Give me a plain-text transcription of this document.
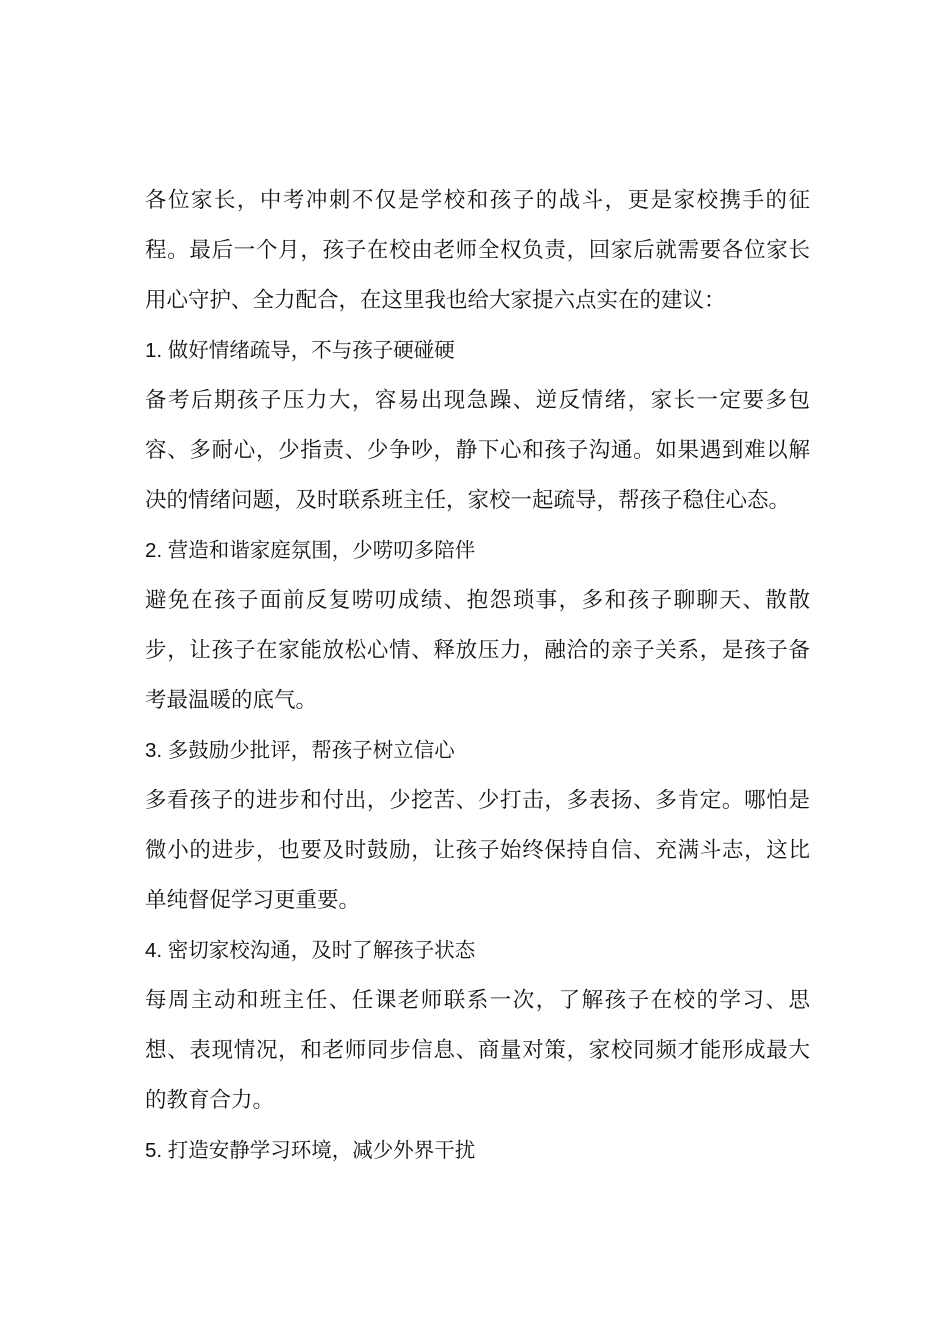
各位家长，中考冲刺不仅是学校和孩子的战斗，更是家校携手的征程。最后一个月，孩子在校由老师全权负责，回家后就需要各位家长用心守护、全力配合，在这里我也给大家提六点实在的建议：

1. 做好情绪疏导，不与孩子硬碰硬

备考后期孩子压力大，容易出现急躁、逆反情绪，家长一定要多包容、多耐心，少指责、少争吵，静下心和孩子沟通。如果遇到难以解决的情绪问题，及时联系班主任，家校一起疏导，帮孩子稳住心态。

2. 营造和谐家庭氛围，少唠叨多陪伴

避免在孩子面前反复唠叨成绩、抱怨琐事，多和孩子聊聊天、散散步，让孩子在家能放松心情、释放压力，融洽的亲子关系，是孩子备考最温暖的底气。

3. 多鼓励少批评，帮孩子树立信心

多看孩子的进步和付出，少挖苦、少打击，多表扬、多肯定。哪怕是微小的进步，也要及时鼓励，让孩子始终保持自信、充满斗志，这比单纯督促学习更重要。

4. 密切家校沟通，及时了解孩子状态

每周主动和班主任、任课老师联系一次，了解孩子在校的学习、思想、表现情况，和老师同步信息、商量对策，家校同频才能形成最大的教育合力。

5. 打造安静学习环境，减少外界干扰
